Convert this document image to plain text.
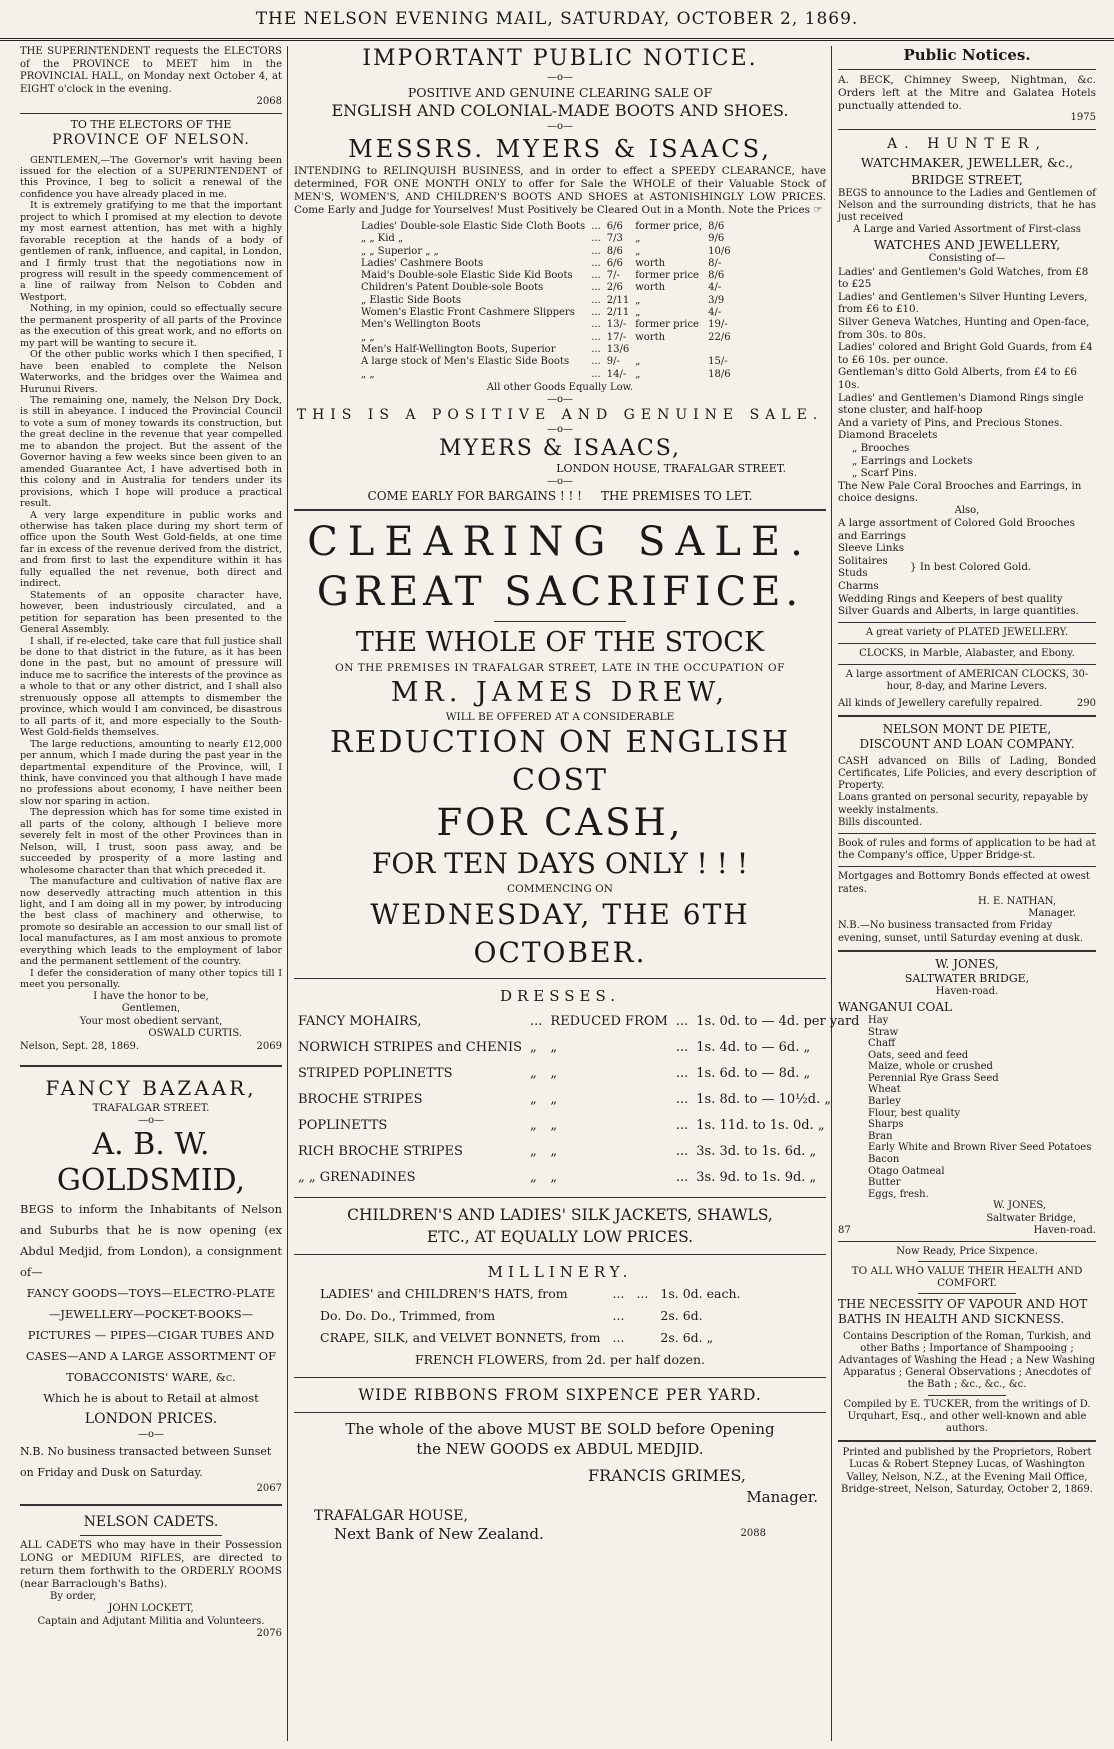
THE NELSON EVENING MAIL, SATURDAY, OCTOBER 2, 1869.
THE SUPERINTENDENT requests the ELECTORS of the PROVINCE to MEET him in the PROVINCIAL HALL, on Monday next October 4, at EIGHT o'clock in the evening.
2068
TO THE ELECTORS OF THE
PROVINCE OF NELSON.

GENTLEMEN,—The Governor's writ having been issued for the election of a SUPERINTENDENT of this Province, I beg to solicit a renewal of the confidence you have already placed in me.

It is extremely gratifying to me that the important project to which I promised at my election to devote my most earnest attention, has met with a highly favorable reception at the hands of a body of gentlemen of rank, influence, and capital, in London, and I firmly trust that the negotiations now in progress will result in the speedy commencement of a line of railway from Nelson to Cobden and Westport.

Nothing, in my opinion, could so effectually secure the permanent prosperity of all parts of the Province as the execution of this great work, and no efforts on my part will be wanting to secure it.

Of the other public works which I then specified, I have been enabled to complete the Nelson Waterworks, and the bridges over the Waimea and Hurunui Rivers.

The remaining one, namely, the Nelson Dry Dock, is still in abeyance. I induced the Provincial Council to vote a sum of money towards its construction, but the great decline in the revenue that year compelled me to abandon the project. But the assent of the Governor having a few weeks since been given to an amended Guarantee Act, I have advertised both in this colony and in Australia for tenders under its provisions, which I hope will produce a practical result.

A very large expenditure in public works and otherwise has taken place during my short term of office upon the South West Gold-fields, at one time far in excess of the revenue derived from the district, and from first to last the expenditure within it has fully equalled the net revenue, both direct and indirect.

Statements of an opposite character have, however, been industriously circulated, and a petition for separation has been presented to the General Assembly.

I shall, if re-elected, take care that full justice shall be done to that district in the future, as it has been done in the past, but no amount of pressure will induce me to sacrifice the interests of the province as a whole to that or any other district, and I shall also strenuously oppose all attempts to dismember the province, which would I am convinced, be disastrous to all parts of it, and more especially to the South-West Gold-fields themselves.

The large reductions, amounting to nearly £12,000 per annum, which I made during the past year in the departmental expenditure of the Province, will, I think, have convinced you that although I have made no professions about economy, I have neither been slow nor sparing in action.

The depression which has for some time existed in all parts of the colony, although I believe more severely felt in most of the other Provinces than in Nelson, will, I trust, soon pass away, and be succeeded by prosperity of a more lasting and wholesome character than that which preceded it.

The manufacture and cultivation of native flax are now deservedly attracting much attention in this light, and I am doing all in my power, by introducing the best class of machinery and otherwise, to promote so desirable an accession to our small list of local manufactures, as I am most anxious to promote everything which leads to the employment of labor and the permanent settlement of the country.

I defer the consideration of many other topics till I meet you personally.

I have the honor to be,
Gentlemen,
Your most obedient servant,
OSWALD CURTIS.
Nelson, Sept. 28, 1869.	2069
FANCY BAZAAR,
TRAFALGAR STREET.
—o—
A. B. W. GOLDSMID,
BEGS to inform the Inhabitants of Nelson and Suburbs that he is now opening (ex Abdul Medjid, from London), a consignment of—
FANCY GOODS—TOYS—ELECTRO-PLATE —JEWELLERY—POCKET-BOOKS— PICTURES — PIPES—CIGAR TUBES AND CASES—AND A LARGE ASSORTMENT OF TOBACCONISTS' WARE, &c.
Which he is about to Retail at almost
LONDON PRICES.
—o—
N.B. No business transacted between Sunset on Friday and Dusk on Saturday.
2067
NELSON CADETS.
ALL CADETS who may have in their Possession LONG or MEDIUM RIFLES, are directed to return them forthwith to the ORDERLY ROOMS (near Barraclough's Baths).
By order,
JOHN LOCKETT,
Captain and Adjutant Militia and Volunteers.
2076
IMPORTANT PUBLIC NOTICE.
—o—
POSITIVE AND GENUINE CLEARING SALE OF
ENGLISH AND COLONIAL-MADE BOOTS AND SHOES.
—o—
MESSRS. MYERS & ISAACS,
INTENDING to RELINQUISH BUSINESS, and in order to effect a SPEEDY CLEARANCE, have determined, FOR ONE MONTH ONLY to offer for Sale the WHOLE of their Valuable Stock of MEN'S, WOMEN'S, AND CHILDREN'S BOOTS AND SHOES at ASTONISHINGLY LOW PRICES. Come Early and Judge for Yourselves! Must Positively be Cleared Out in a Month. Note the Prices ☞
Ladies' Double-sole Elastic Side Cloth Boots	...	6/6	former price,	8/6
„ „ Kid „	...	7/3	„	9/6
„ „ Superior „ „	...	8/6	„	10/6
Ladies' Cashmere Boots	...	6/6	worth	8/-
Maid's Double-sole Elastic Side Kid Boots	...	7/-	former price	8/6
Children's Patent Double-sole Boots	...	2/6	worth	4/-
„ Elastic Side Boots	...	2/11	„	3/9
Women's Elastic Front Cashmere Slippers	...	2/11	„	4/-
Men's Wellington Boots	...	13/-	former price	19/-
„ „	...	17/-	worth	22/6
Men's Half-Wellington Boots, Superior	...	13/6		
A large stock of Men's Elastic Side Boots	...	9/-	„	15/-
„ „	...	14/-	„	18/6
All other Goods Equally Low.
—o—
THIS IS A POSITIVE AND GENUINE SALE.
—o—
MYERS & ISAACS,
LONDON HOUSE, TRAFALGAR STREET.
—o—
COME EARLY FOR BARGAINS ! ! !     THE PREMISES TO LET.
CLEARING SALE.
GREAT SACRIFICE.
THE WHOLE OF THE STOCK
ON THE PREMISES IN TRAFALGAR STREET, LATE IN THE OCCUPATION OF
MR. JAMES DREW,
WILL BE OFFERED AT A CONSIDERABLE
REDUCTION ON ENGLISH COST
FOR CASH,
FOR TEN DAYS ONLY ! ! !
COMMENCING ON
WEDNESDAY, THE 6TH OCTOBER.
DRESSES.
FANCY MOHAIRS,	...	REDUCED FROM	...	1s. 0d. to — 4d. per yard
NORWICH STRIPES and CHENIS	„	„	...	1s. 4d. to — 6d. „
STRIPED POPLINETTS	„	„	...	1s. 6d. to — 8d. „
BROCHE STRIPES	„	„	...	1s. 8d. to — 10½d. „
POPLINETTS	„	„	...	1s. 11d. to 1s. 0d. „
RICH BROCHE STRIPES	„	„	...	3s. 3d. to 1s. 6d. „
„ „ GRENADINES	„	„	...	3s. 9d. to 1s. 9d. „
CHILDREN'S AND LADIES' SILK JACKETS, SHAWLS,
ETC., AT EQUALLY LOW PRICES.
MILLINERY.
LADIES' and CHILDREN'S HATS, from	...	...	1s. 0d. each.
Do. Do. Do., Trimmed, from	...		2s. 6d.
CRAPE, SILK, and VELVET BONNETS, from	...		2s. 6d. „
FRENCH FLOWERS, from 2d. per half dozen.
WIDE RIBBONS FROM SIXPENCE PER YARD.
The whole of the above MUST BE SOLD before Opening
the NEW GOODS ex ABDUL MEDJID.
FRANCIS GRIMES,
Manager.
TRAFALGAR HOUSE,
Next Bank of New Zealand.	2088
Public Notices.
A. BECK, Chimney Sweep, Nightman, &c. Orders left at the Mitre and Galatea Hotels punctually attended to.
1975
A. HUNTER,
WATCHMAKER, JEWELLER, &c.,
BRIDGE STREET,
BEGS to announce to the Ladies and Gentlemen of Nelson and the surrounding districts, that he has just received
A Large and Varied Assortment of First-class
WATCHES AND JEWELLERY,
Consisting of—
Ladies' and Gentlemen's Gold Watches, from £8 to £25
Ladies' and Gentlemen's Silver Hunting Levers, from £6 to £10.
Silver Geneva Watches, Hunting and Open-face, from 30s. to 80s.
Ladies' colored and Bright Gold Guards, from £4 to £6 10s. per ounce.
Gentleman's ditto Gold Alberts, from £4 to £6 10s.
Ladies' and Gentlemen's Diamond Rings single stone cluster, and half-hoop
And a variety of Pins, and Precious Stones.
Diamond Bracelets
„ Brooches
„ Earrings and Lockets
„ Scarf Pins.
The New Pale Coral Brooches and Earrings, in choice designs.
Also,
A large assortment of Colored Gold Brooches and Earrings
Sleeve Links
Solitaires
Studs
Charms
Wedding Rings and Keepers of best quality
Silver Guards and Alberts, in large quantities.
} In best Colored Gold.
A great variety of PLATED JEWELLERY.
CLOCKS, in Marble, Alabaster, and Ebony.
A large assortment of AMERICAN CLOCKS, 30-hour, 8-day, and Marine Levers.
All kinds of Jewellery carefully repaired.	290
NELSON MONT DE PIETE,
DISCOUNT AND LOAN COMPANY.
CASH advanced on Bills of Lading, Bonded Certificates, Life Policies, and every description of Property.
Loans granted on personal security, repayable by weekly instalments.
Bills discounted.
Book of rules and forms of application to be had at the Company's office, Upper Bridge-st.
Mortgages and Bottomry Bonds effected at owest rates.
H. E. NATHAN,
Manager.
N.B.—No business transacted from Friday evening, sunset, until Saturday evening at dusk.
W. JONES,
SALTWATER BRIDGE,
Haven-road.
WANGANUI COAL
Hay
Straw
Chaff
Oats, seed and feed
Maize, whole or crushed
Perennial Rye Grass Seed
Wheat
Barley
Flour, best quality
Sharps
Bran
Early White and Brown River Seed Potatoes
Bacon
Otago Oatmeal
Butter
Eggs, fresh.
W. JONES,
Saltwater Bridge,
87	Haven-road.
Now Ready, Price Sixpence.
TO ALL WHO VALUE THEIR HEALTH AND COMFORT.
THE NECESSITY OF VAPOUR AND HOT BATHS IN HEALTH AND SICKNESS.
Contains Description of the Roman, Turkish, and other Baths ; Importance of Shampooing ; Advantages of Washing the Head ; a New Washing Apparatus ; General Observations ; Anecdotes of the Bath ; &c., &c., &c.
Compiled by E. TUCKER, from the writings of D. Urquhart, Esq., and other well-known and able authors.
Printed and published by the Proprietors, Robert Lucas & Robert Stepney Lucas, of Washington Valley, Nelson, N.Z., at the Evening Mail Office, Bridge-street, Nelson, Saturday, October 2, 1869.
